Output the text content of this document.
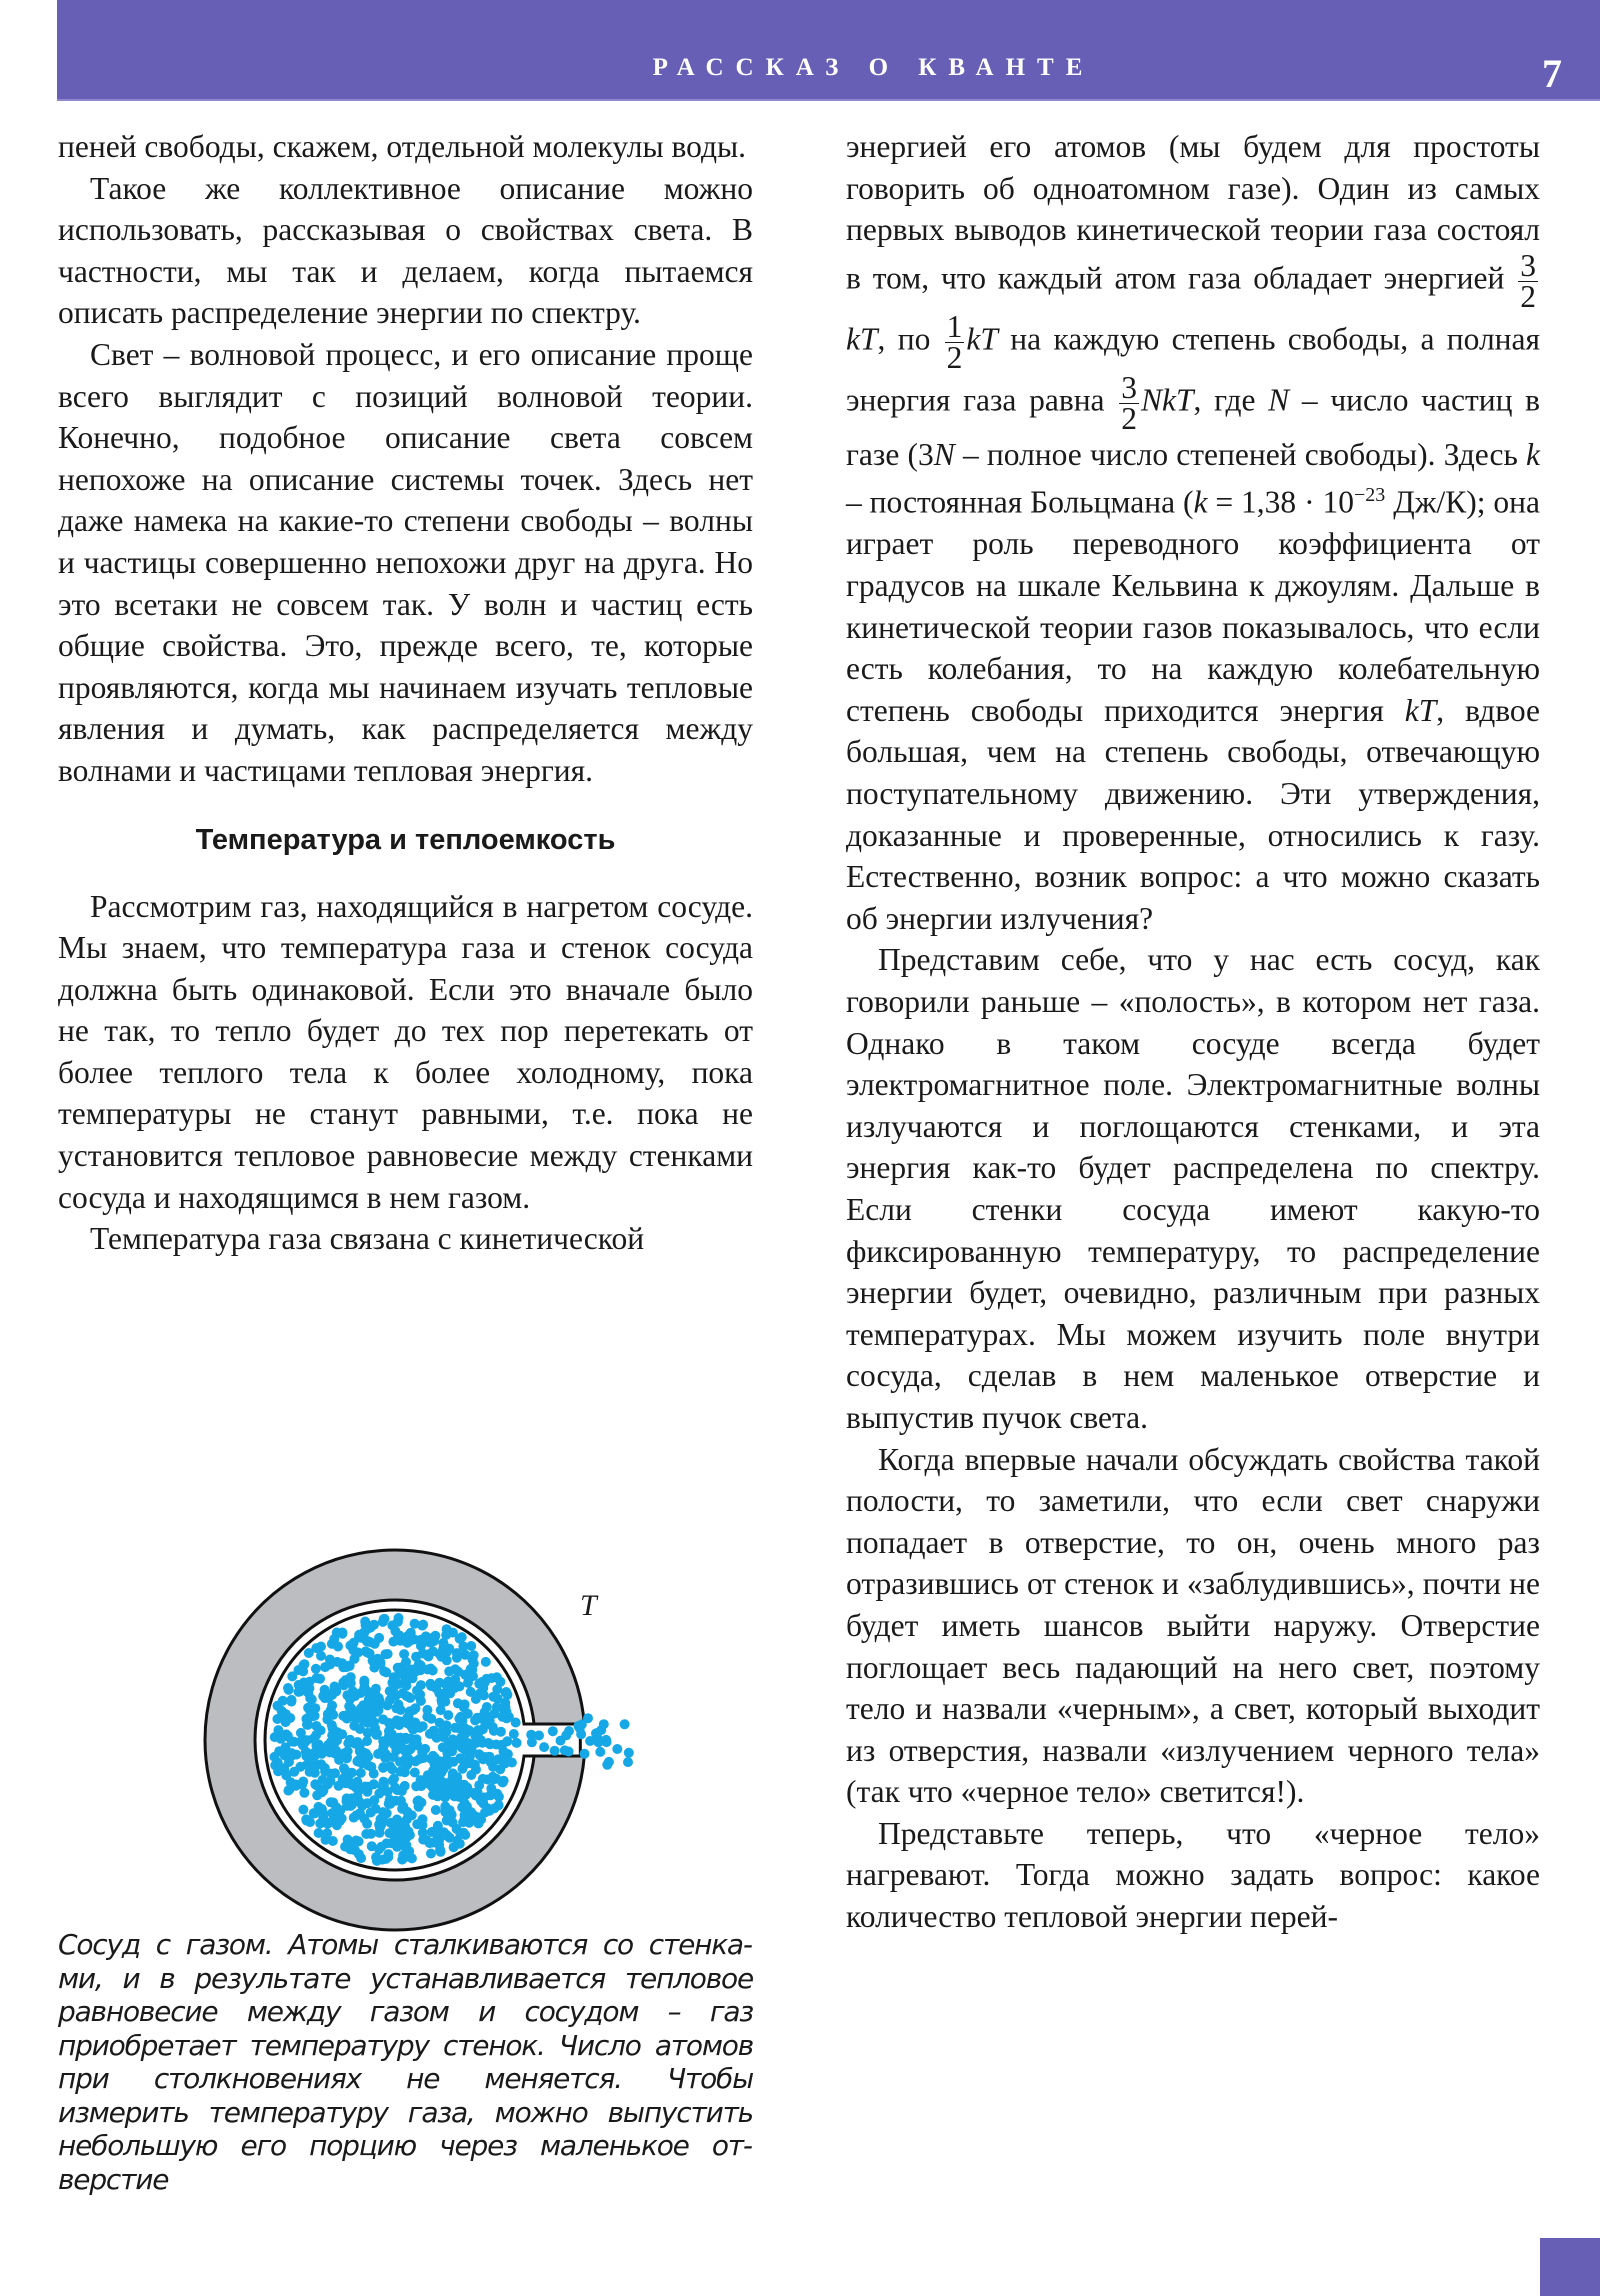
РАССКАЗ О КВАНТЕ	7

пеней свободы, скажем, отдельной молекулы воды.

Такое же коллективное описание можно использовать, рассказывая о свойствах света. В частности, мы так и делаем, когда пытаемся описать распределение энергии по спектру.

Свет – волновой процесс, и его описание проще всего выглядит с позиций волновой теории. Конечно, подобное описание света совсем непохоже на описание системы точек. Здесь нет даже намека на какие-то степени свободы – волны и частицы совершенно непохожи друг на друга. Но это всетаки не совсем так. У волн и частиц есть общие свойства. Это, прежде всего, те, которые проявляются, когда мы начинаем изучать тепловые явления и думать, как распределяется между волнами и частицами тепловая энергия.

Температура и теплоемкость

Рассмотрим газ, находящийся в нагретом сосуде. Мы знаем, что температура газа и стенок сосуда должна быть одинаковой. Если это вначале было не так, то тепло будет до тех пор перетекать от более теплого тела к более холодному, пока температуры не станут равными, т.е. пока не установится тепловое равновесие между стенками сосуда и находящимся в нем газом.

Температура газа связана с кинетической

T
Сосуд с газом. Атомы сталкиваются со стенками, и в результате устанавливается тепловое равновесие между газом и сосудом – газ приобретает температуру стенок. Число атомов при столкновениях не меняется. Чтобы измерить температуру газа, можно выпустить небольшую его порцию через маленькое отверстие

энергией его атомов (мы будем для простоты говорить об одноатомном газе). Один из самых первых выводов кинетической теории газа состоял в том, что каждый атом газа обладает энергией $\frac{3}{2}$
kT, по $\frac{1}{2}$ kT на каждую степень свободы, а полная энергия газа равна $\frac{3}{2}$ NkT, где N – число частиц в газе (3N – полное число степеней свободы). Здесь k – постоянная Больцмана ($k = 1,38 \cdot 10^{-23}$ Дж/К); она играет роль переводного коэффициента от градусов на шкале Кельвина к джоулям. Дальше в кинетической теории газов показывалось, что если есть колебания, то на каждую колебательную степень свободы приходится энергия kT, вдвое большая, чем на степень свободы, отвечающую поступательному движению. Эти утверждения, доказанные и проверенные, относились к газу. Естественно, возник вопрос: а что можно сказать об энергии излучения?

Представим себе, что у нас есть сосуд, как говорили раньше – «полость», в котором нет газа. Однако в таком сосуде всегда будет электромагнитное поле. Электромагнитные волны излучаются и поглощаются стенками, и эта энергия как-то будет распределена по спектру. Если стенки сосуда имеют какую-то фиксированную температуру, то распределение энергии будет, очевидно, различным при разных температурах. Мы можем изучить поле внутри сосуда, сделав в нем маленькое отверстие и выпустив пучок света.

Когда впервые начали обсуждать свойства такой полости, то заметили, что если свет снаружи попадает в отверстие, то он, очень много раз отразившись от стенок и «заблудившись», почти не будет иметь шансов выйти наружу. Отверстие поглощает весь падающий на него свет, поэтому тело и назвали «черным», а свет, который выходит из отверстия, назвали «излучением черного тела» (так что «черное тело» светится!).

Представьте теперь, что «черное тело» нагревают. Тогда можно задать вопрос: какое количество тепловой энергии перей-
